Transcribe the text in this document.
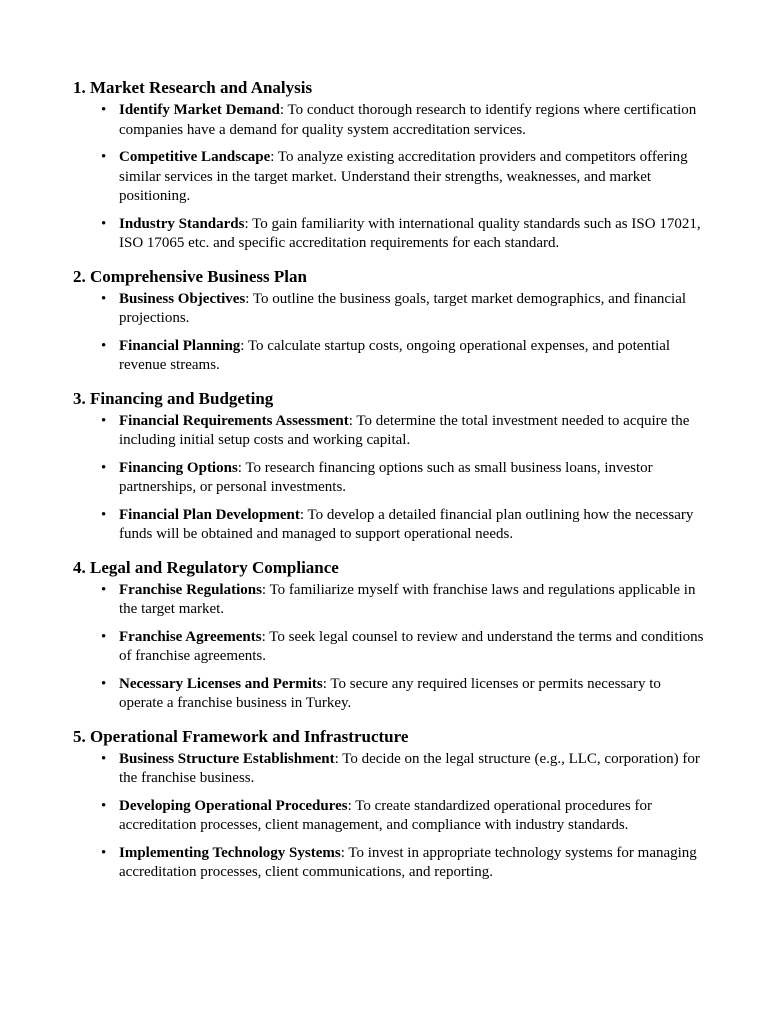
1. Market Research and Analysis
• Identify Market Demand: To conduct thorough research to identify regions where certification companies have a demand for quality system accreditation services.
• Competitive Landscape: To analyze existing accreditation providers and competitors offering similar services in the target market. Understand their strengths, weaknesses, and market positioning.
• Industry Standards: To gain familiarity with international quality standards such as ISO 17021, ISO 17065 etc. and specific accreditation requirements for each standard.
2. Comprehensive Business Plan
• Business Objectives: To outline the business goals, target market demographics, and financial projections.
• Financial Planning: To calculate startup costs, ongoing operational expenses, and potential revenue streams.
3. Financing and Budgeting
• Financial Requirements Assessment: To determine the total investment needed to acquire the including initial setup costs and working capital.
• Financing Options: To research financing options such as small business loans, investor partnerships, or personal investments.
• Financial Plan Development: To develop a detailed financial plan outlining how the necessary funds will be obtained and managed to support operational needs.
4. Legal and Regulatory Compliance
• Franchise Regulations: To familiarize myself with franchise laws and regulations applicable in the target market.
• Franchise Agreements: To seek legal counsel to review and understand the terms and conditions of franchise agreements.
• Necessary Licenses and Permits: To secure any required licenses or permits necessary to operate a franchise business in Turkey.
5. Operational Framework and Infrastructure
• Business Structure Establishment: To decide on the legal structure (e.g., LLC, corporation) for the franchise business.
• Developing Operational Procedures: To create standardized operational procedures for accreditation processes, client management, and compliance with industry standards.
• Implementing Technology Systems: To invest in appropriate technology systems for managing accreditation processes, client communications, and reporting.
